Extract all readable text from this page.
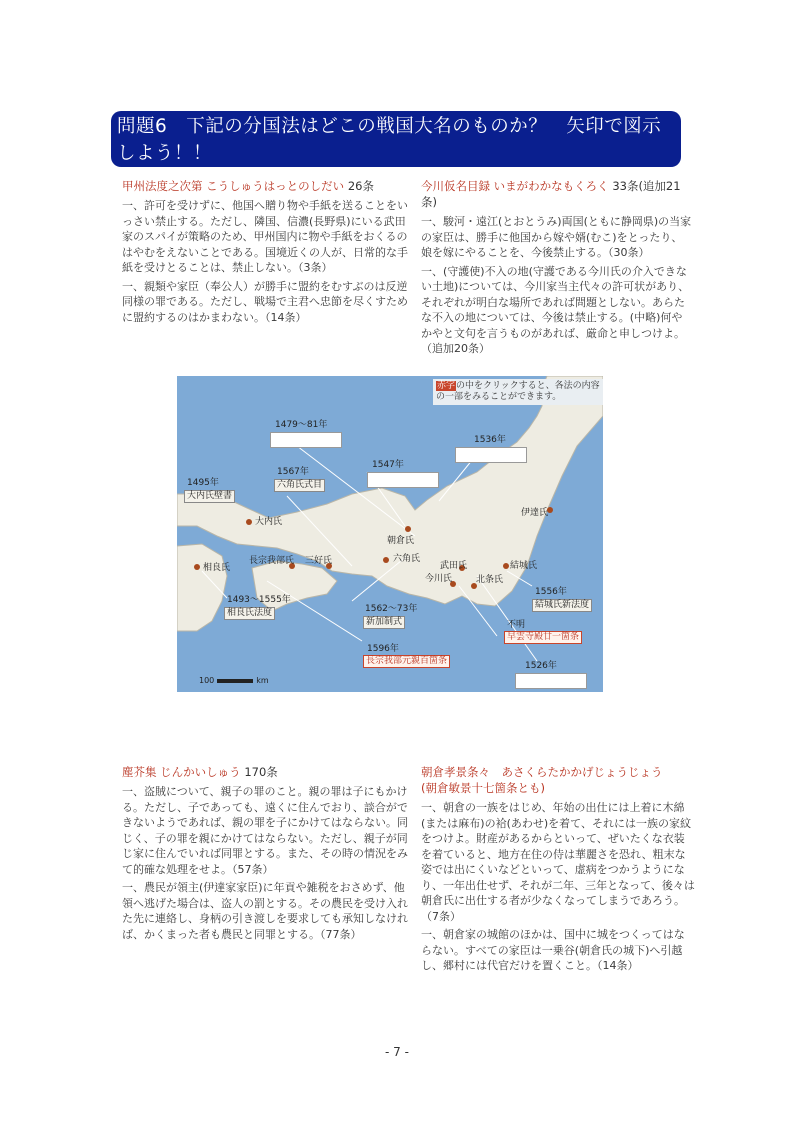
問題6　下記の分国法はどこの戦国大名のものか？　矢印で図示しよう！！
甲州法度之次第 こうしゅうはっとのしだい 26条

一、許可を受けずに、他国へ贈り物や手紙を送ることをいっさい禁止する。ただし、隣国、信濃(長野県)にいる武田家のスパイが策略のため、甲州国内に物や手紙をおくるのはやむをえないことである。国境近くの人が、日常的な手紙を受けとることは、禁止しない。（3条）

一、親類や家臣（奉公人）が勝手に盟約をむすぶのは反逆同様の罪である。ただし、戦場で主君へ忠節を尽くすために盟約するのはかまわない。（14条）

今川仮名目録 いまがわかなもくろく 33条(追加21条)

一、駿河・遠江(とおとうみ)両国(ともに静岡県)の当家の家臣は、勝手に他国から嫁や婿(むこ)をとったり、娘を嫁にやることを、今後禁止する。（30条）

一、(守護使)不入の地(守護である今川氏の介入できない土地)については、今川家当主代々の許可状があり、それぞれが明白な場所であれば問題としない。あらたな不入の地については、今後は禁止する。(中略)何やかやと文句を言うものがあれば、厳命と申しつけよ。（追加20条）

赤字の中をクリックすると、各法の内容の一部をみることができます。
1479～81年
1536年
1547年
1567年
六角氏式目
1495年
大内氏壁書
大内氏
伊達氏
朝倉氏
六角氏
長宗我部氏 三好氏	武田氏	結城氏
相良氏
今川氏	北条氏
1556年
結城氏新法度
1493～1555年
相良氏法度	1562～73年
新加制式	不明
早雲寺殿廿一箇条
1596年
長宗我部元親百箇条	1526年
100	km
塵芥集 じんかいしゅう 170条

一、盗賊について、親子の罪のこと。親の罪は子にもかける。ただし、子であっても、遠くに住んでおり、談合ができないようであれば、親の罪を子にかけてはならない。同じく、子の罪を親にかけてはならない。ただし、親子が同じ家に住んでいれば同罪とする。また、その時の情況をみて的確な処理をせよ。（57条）

一、農民が領主(伊達家家臣)に年貢や雑税をおさめず、他領へ逃げた場合は、盗人の罰とする。その農民を受け入れた先に連絡し、身柄の引き渡しを要求しても承知しなければ、かくまった者も農民と同罪とする。（77条）

朝倉孝景条々　あさくらたかかげじょうじょう
(朝倉敏景十七箇条とも)

一、朝倉の一族をはじめ、年始の出仕には上着に木綿(または麻布)の袷(あわせ)を着て、それには一族の家紋をつけよ。財産があるからといって、ぜいたくな衣装を着ていると、地方在住の侍は華麗さを恐れ、粗末な姿では出にくいなどといって、虚病をつかうようになり、一年出仕せず、それが二年、三年となって、後々は朝倉氏に出仕する者が少なくなってしまうであろう。（7条）

一、朝倉家の城館のほかは、国中に城をつくってはならない。すべての家臣は一乗谷(朝倉氏の城下)へ引越し、郷村には代官だけを置くこと。（14条）

- 7 -
